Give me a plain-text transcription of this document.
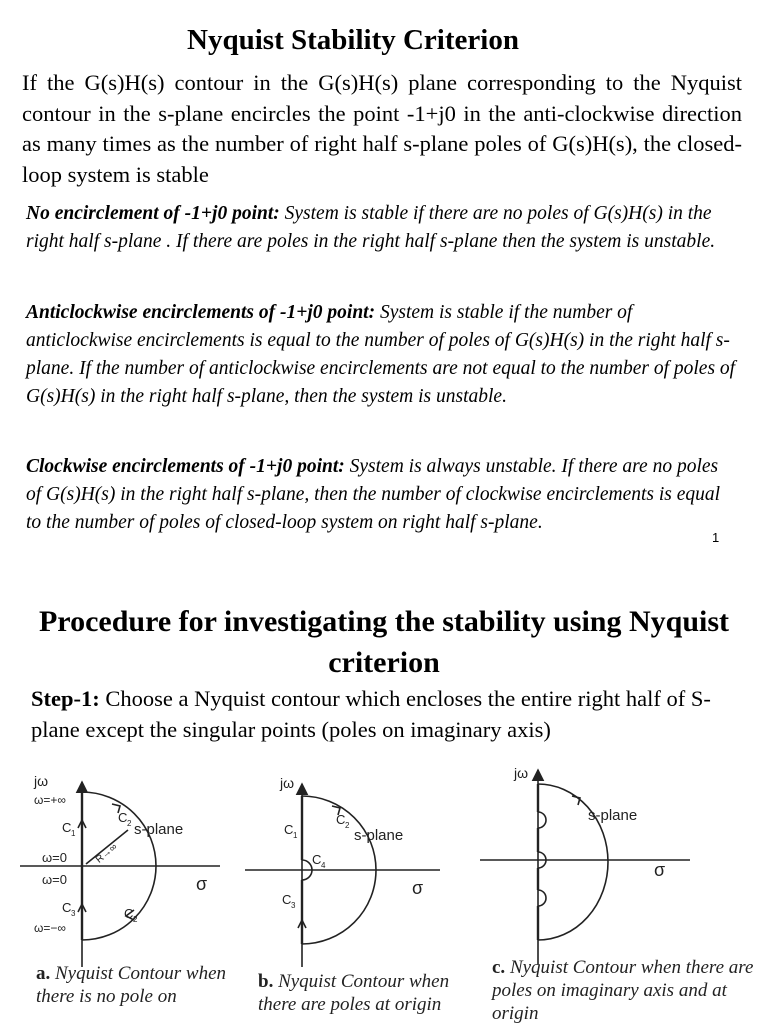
Nyquist Stability Criterion
If the G(s)H(s) contour in the G(s)H(s) plane corresponding to the Nyquist contour in the s-plane encircles the point -1+j0 in the anti-clockwise direction as many times as the number of right half s-plane poles of G(s)H(s), the closed-loop system is stable
No encirclement of -1+j0 point: System is stable if there are no poles of G(s)H(s) in the right half s-plane . If there are poles in the right half s-plane then the system is unstable.
Anticlockwise encirclements of -1+j0 point: System is stable if the number of anticlockwise encirclements is equal to the number of poles of G(s)H(s) in the right half s-plane. If the number of anticlockwise encirclements are not equal to the number of poles of G(s)H(s) in the right half s-plane, then the system is unstable.
Clockwise encirclements of -1+j0 point: System is always unstable. If there are no poles of G(s)H(s) in the right half s-plane, then the number of clockwise encirclements is equal to the number of poles of closed-loop system on right half s-plane.
1
Procedure for investigating the stability using Nyquist criterion
Step-1: Choose a Nyquist contour which encloses the entire right half of S-plane except the singular points (poles on imaginary axis)
jω
ω=+∞
C 1
C 2 s-plane
R→∞
ω=0
ω=0
C 3	C 2
σ
ω=−∞
jω
C 1
C 2
s-plane
C 4
C 3
σ
jω
s-plane
σ
a. Nyquist Contour when there is no pole on
b. Nyquist Contour when there are poles at origin
c. Nyquist Contour when there are poles on imaginary axis and at origin
